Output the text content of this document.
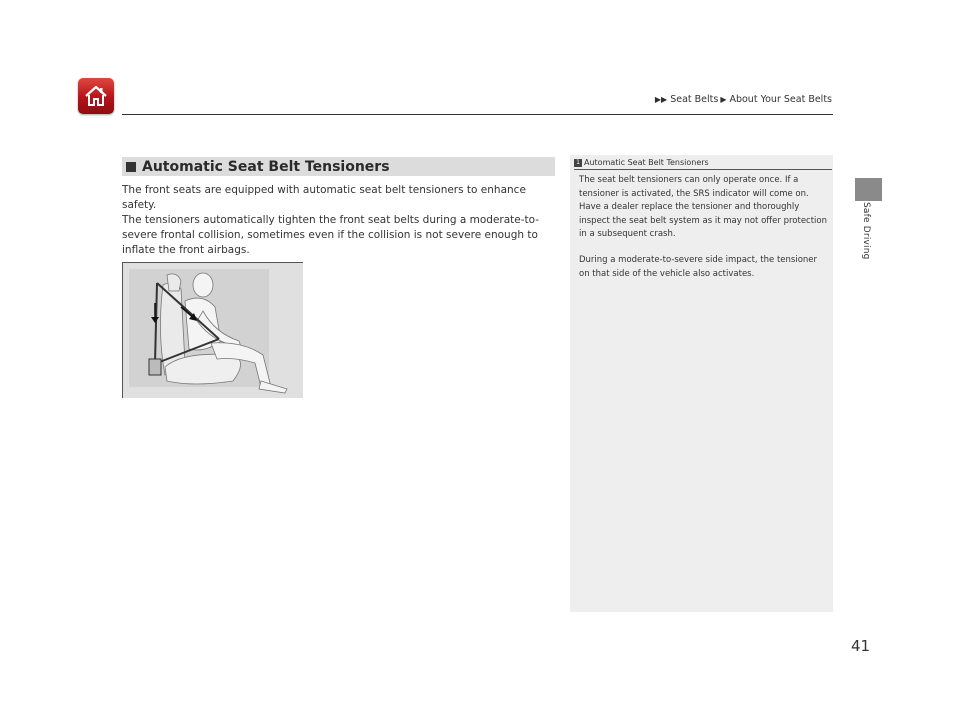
▶▶ Seat Belts ▶ About Your Seat Belts
Safe Driving
Automatic Seat Belt Tensioners
The front seats are equipped with automatic seat belt tensioners to enhance safety.
The tensioners automatically tighten the front seat belts during a moderate-to-severe frontal collision, sometimes even if the collision is not severe enough to inflate the front airbags.
1 Automatic Seat Belt Tensioners
The seat belt tensioners can only operate once. If a tensioner is activated, the SRS indicator will come on. Have a dealer replace the tensioner and thoroughly inspect the seat belt system as it may not offer protection in a subsequent crash.
During a moderate-to-severe side impact, the tensioner on that side of the vehicle also activates.
41
